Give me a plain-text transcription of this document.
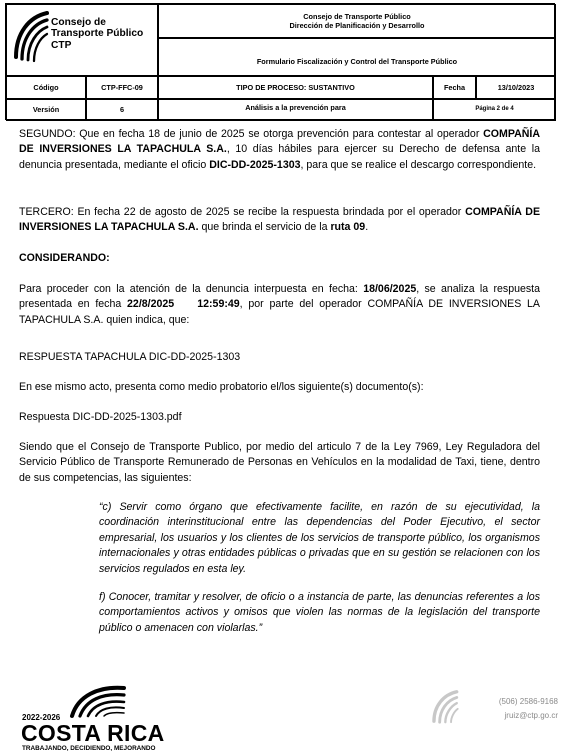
Consejo de
Transporte Público
CTP
Consejo de Transporte Público
Dirección de Planificación y Desarrollo
Formulario Fiscalización y Control del Transporte Público
Código	CTP-FFC-09	TIPO DE PROCESO: SUSTANTIVO	Fecha	13/10/2023
Versión	6	Análisis a la prevención para	Página 2 de 4
SEGUNDO: Que en fecha 18 de junio de 2025 se otorga prevención para contestar al operador COMPAÑÍA DE INVERSIONES LA TAPACHULA S.A., 10 días hábiles para ejercer su Derecho de defensa ante la denuncia presentada, mediante el oficio DIC-DD-2025-1303, para que se realice el descargo correspondiente.
TERCERO: En fecha 22 de agosto de 2025 se recibe la respuesta brindada por el operador COMPAÑÍA DE INVERSIONES LA TAPACHULA S.A. que brinda el servicio de la ruta 09.
CONSIDERANDO:
Para proceder con la atención de la denuncia interpuesta en fecha: 18/06/2025, se analiza la respuesta presentada en fecha 22/8/2025    12:59:49, por parte del operador COMPAÑÍA DE INVERSIONES LA TAPACHULA S.A. quien indica, que:
RESPUESTA TAPACHULA DIC-DD-2025-1303
En ese mismo acto, presenta como medio probatorio el/los siguiente(s) documento(s):
Respuesta DIC-DD-2025-1303.pdf
Siendo que el Consejo de Transporte Publico, por medio del articulo 7 de la Ley 7969, Ley Reguladora del Servicio Público de Transporte Remunerado de Personas en Vehículos en la modalidad de Taxi, tiene, dentro de sus competencias, las siguientes:
“c) Servir como órgano que efectivamente facilite, en razón de su ejecutividad, la coordinación interinstitucional entre las dependencias del Poder Ejecutivo, el sector empresarial, los usuarios y los clientes de los servicios de transporte público, los organismos internacionales y otras entidades públicas o privadas que en su gestión se relacionen con los servicios regulados en esta ley.
f) Conocer, tramitar y resolver, de oficio o a instancia de parte, las denuncias referentes a los comportamientos activos y omisos que violen las normas de la legislación del transporte público o amenacen con violarlas.”
2022-2026
COSTA RICA
TRABAJANDO, DECIDIENDO, MEJORANDO
(506) 2586-9168
jruiz@ctp.go.cr
